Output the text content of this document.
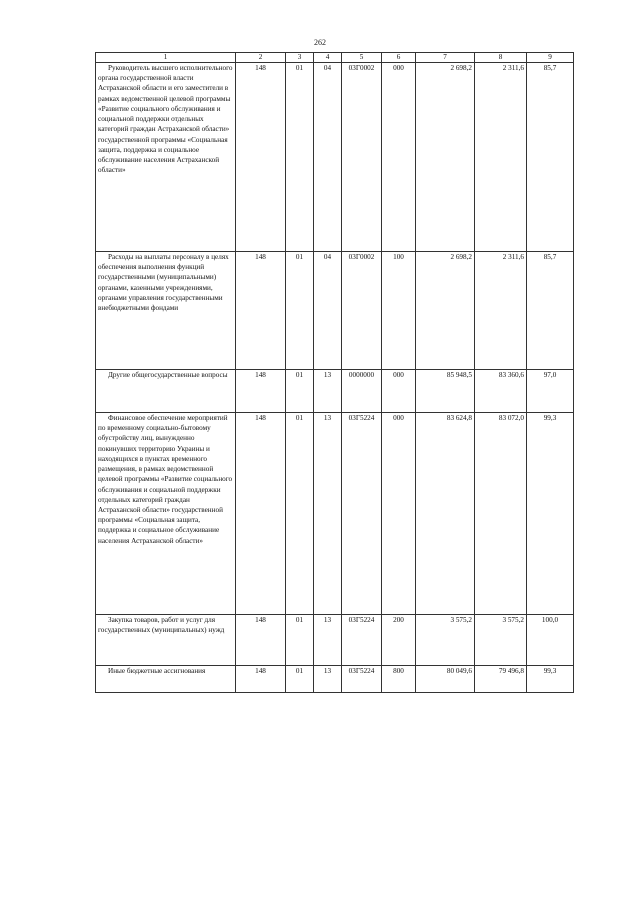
262
1	2	3	4	5	6	7	8	9
Руководитель высшего исполнительного органа государственной власти Астраханской области и его заместители в рамках ведомственной целевой программы «Развитие социального обслуживания и социальной поддержки отдельных категорий граждан Астраханской области» государственной программы «Социальная защита, поддержка и социальное обслуживание населения Астраханской области»	148	01	04	03Г0002	000	2 698,2	2 311,6	85,7
Расходы на выплаты персоналу в целях обеспечения выполнения функций государственными (муниципальными) органами, казенными учреждениями, органами управления государственными внебюджетными фондами	148	01	04	03Г0002	100	2 698,2	2 311,6	85,7
Другие общегосударственные вопросы	148	01	13	0000000	000	85 948,5	83 360,6	97,0
Финансовое обеспечение мероприятий по временному социально-бытовому обустройству лиц, вынужденно покинувших территорию Украины и находящихся в пунктах временного размещения, в рамках ведомственной целевой программы «Развитие социального обслуживания и социальной поддержки отдельных категорий граждан Астраханской области» государственной программы «Социальная защита, поддержка и социальное обслуживание населения Астраханской области»	148	01	13	03Г5224	000	83 624,8	83 072,0	99,3
Закупка товаров, работ и услуг для государственных (муниципальных) нужд	148	01	13	03Г5224	200	3 575,2	3 575,2	100,0
Иные бюджетные ассигнования	148	01	13	03Г5224	800	80 049,6	79 496,8	99,3
